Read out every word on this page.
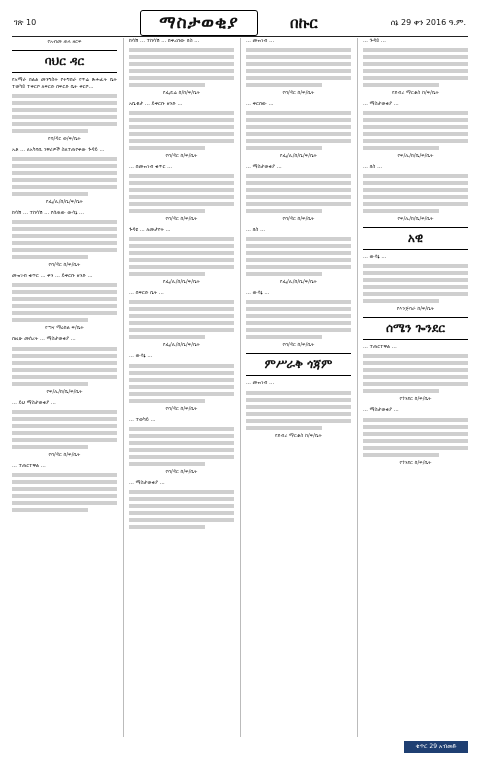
ገጽ 10	ማስታወቂያ	በኩር	ሰኔ 29 ቀን 2016 ዓ.ም.
የአብመ ጠላ ዘርፍ
ባህር ዳር

የአማራ ክልል መንግስት የትግበራ የጥሬ ጽሕፈት ቤት ተወካይ ተቀርቦ ለፍርድ በፍርድ ቤት ቀርቦ...

የባ/ዳር ወ/ፍ/ቤት

አቶ ... ለአካባቢ ነዋሪዎች ስለተጠየቀው ጉዳይ ...

የፌ/ሊ/ከ/ቤ/ፍ/ቤት

ከሳሽ ... ተከሳሽ ... የሰጠው ውሳኔ ...

የባ/ዳር ከ/ፍ/ቤት

መዝገብ ቁጥር ... ቀን ... ይቀርቡ ዘንድ ...

የጣና ማዕከል ፍ/ቤት

በዚሁ መሰረት ... ማስታወቂያ ...

የፍ/ሊ/ከ/ቤ/ፍ/ቤት

... ይህ ማስታወቂያ ...

የባ/ዳር ከ/ፍ/ቤት

... ተጠርተዋል ...

ከሳሽ ... ተከሳሽ ... በቀረበው ክስ ...

የፌዴሬ ከ/ከ/ፍ/ቤት

አቤቱታ ... ይቀርቡ ዘንድ ...

የባ/ዳር ከ/ፍ/ቤት

... በመዝገብ ቁጥር ...

የባ/ዳር ከ/ፍ/ቤት

ጉዳዩ ... ለመታየት ...

የፌ/ሊ/ከ/ቤ/ፍ/ቤት

... በፍርድ ቤት ...

የፌ/ሊ/ከ/ቤ/ፍ/ቤት

... ውሳኔ ...

የባ/ዳር ከ/ፍ/ቤት

... ተወካይ ...

የባ/ዳር ከ/ፍ/ቤት

... ማስታወቂያ ...

... መዝገብ ...

የባ/ዳር ከ/ፍ/ቤት

... ቀርበው ...

የፌ/ሊ/ከ/ቤ/ፍ/ቤት

... ማስታወቂያ ...

የባ/ዳር ከ/ፍ/ቤት

... ክስ ...

የፌ/ሊ/ከ/ቤ/ፍ/ቤት

... ውሳኔ ...

የባ/ዳር ከ/ፍ/ቤት
ምሥራቅ ጎጃም

... መዝገብ ...

የደብረ ማርቆስ ከ/ፍ/ቤት

... ጉዳይ ...

የደብረ ማርቆስ ከ/ፍ/ቤት

... ማስታወቂያ ...

የፍ/ሊ/ከ/ቤ/ፍ/ቤት

... ክስ ...

የፍ/ሊ/ከ/ቤ/ፍ/ቤት
አዊ

... ውሳኔ ...

የእንጅባራ ከ/ፍ/ቤት
ሰሜን ጐንደር

... ተጠርተዋል ...

የጎንደር ከ/ፍ/ቤት

... ማስታወቂያ ...

የጎንደር ከ/ፍ/ቤት
ቁጥር 29 አብመድ
